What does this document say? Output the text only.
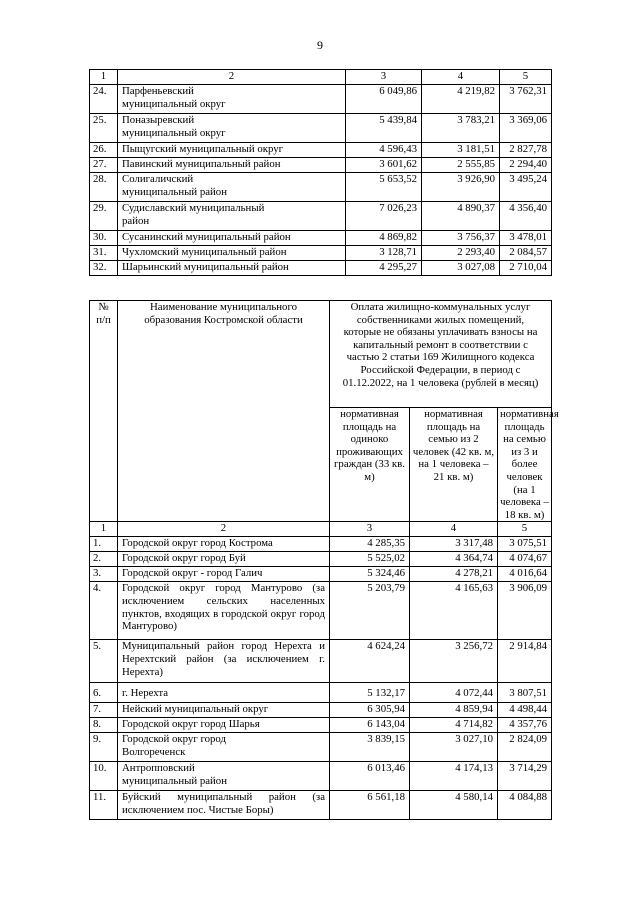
9
1	2	3	4	5
24.	Парфеньевский муниципальный округ	6 049,86	4 219,82	3 762,31
25.	Поназыревский муниципальный округ	5 439,84	3 783,21	3 369,06
26.	Пыщугский муниципальный округ	4 596,43	3 181,51	2 827,78
27.	Павинский муниципальный район	3 601,62	2 555,85	2 294,40
28.	Солигаличский муниципальный район	5 653,52	3 926,90	3 495,24
29.	Судиславский муниципальный район	7 026,23	4 890,37	4 356,40
30.	Сусанинский муниципальный район	4 869,82	3 756,37	3 478,01
31.	Чухломский муниципальный район	3 128,71	2 293,40	2 084,57
32.	Шарьинский муниципальный район	4 295,27	3 027,08	2 710,04
№ п/п	Наименование муниципального образования Костромской области	Оплата жилищно-коммунальных услуг собственниками жилых помещений, которые не обязаны уплачивать взносы на капитальный ремонт в соответствии с частью 2 статьи 169 Жилищного кодекса Российской Федерации, в период с 01.12.2022, на 1 человека (рублей в месяц)		
		нормативная площадь на одиноко проживающих граждан (33 кв. м)	нормативная площадь на семью из 2 человек (42 кв. м, на 1 человека – 21 кв. м)	нормативная площадь на семью из 3 и более человек (на 1 человека – 18 кв. м)
1	2	3	4	5
1.	Городской округ город Кострома	4 285,35	3 317,48	3 075,51
2.	Городской округ город Буй	5 525,02	4 364,74	4 074,67
3.	Городской округ - город Галич	5 324,46	4 278,21	4 016,64
4.	Городской округ город Мантурово (за исключением сельских населенных пунктов, входящих в городской округ город Мантурово)	5 203,79	4 165,63	3 906,09
5.	Муниципальный район город Нерехта и Нерехтский район (за исключением г. Нерехта)	4 624,24	3 256,72	2 914,84
6.	г. Нерехта	5 132,17	4 072,44	3 807,51
7.	Нейский муниципальный округ	6 305,94	4 859,94	4 498,44
8.	Городской округ город Шарья	6 143,04	4 714,82	4 357,76
9.	Городской округ город Волгореченск	3 839,15	3 027,10	2 824,09
10.	Антропповский муниципальный район	6 013,46	4 174,13	3 714,29
11.	Буйский муниципальный район (за исключением пос. Чистые Боры)	6 561,18	4 580,14	4 084,88
